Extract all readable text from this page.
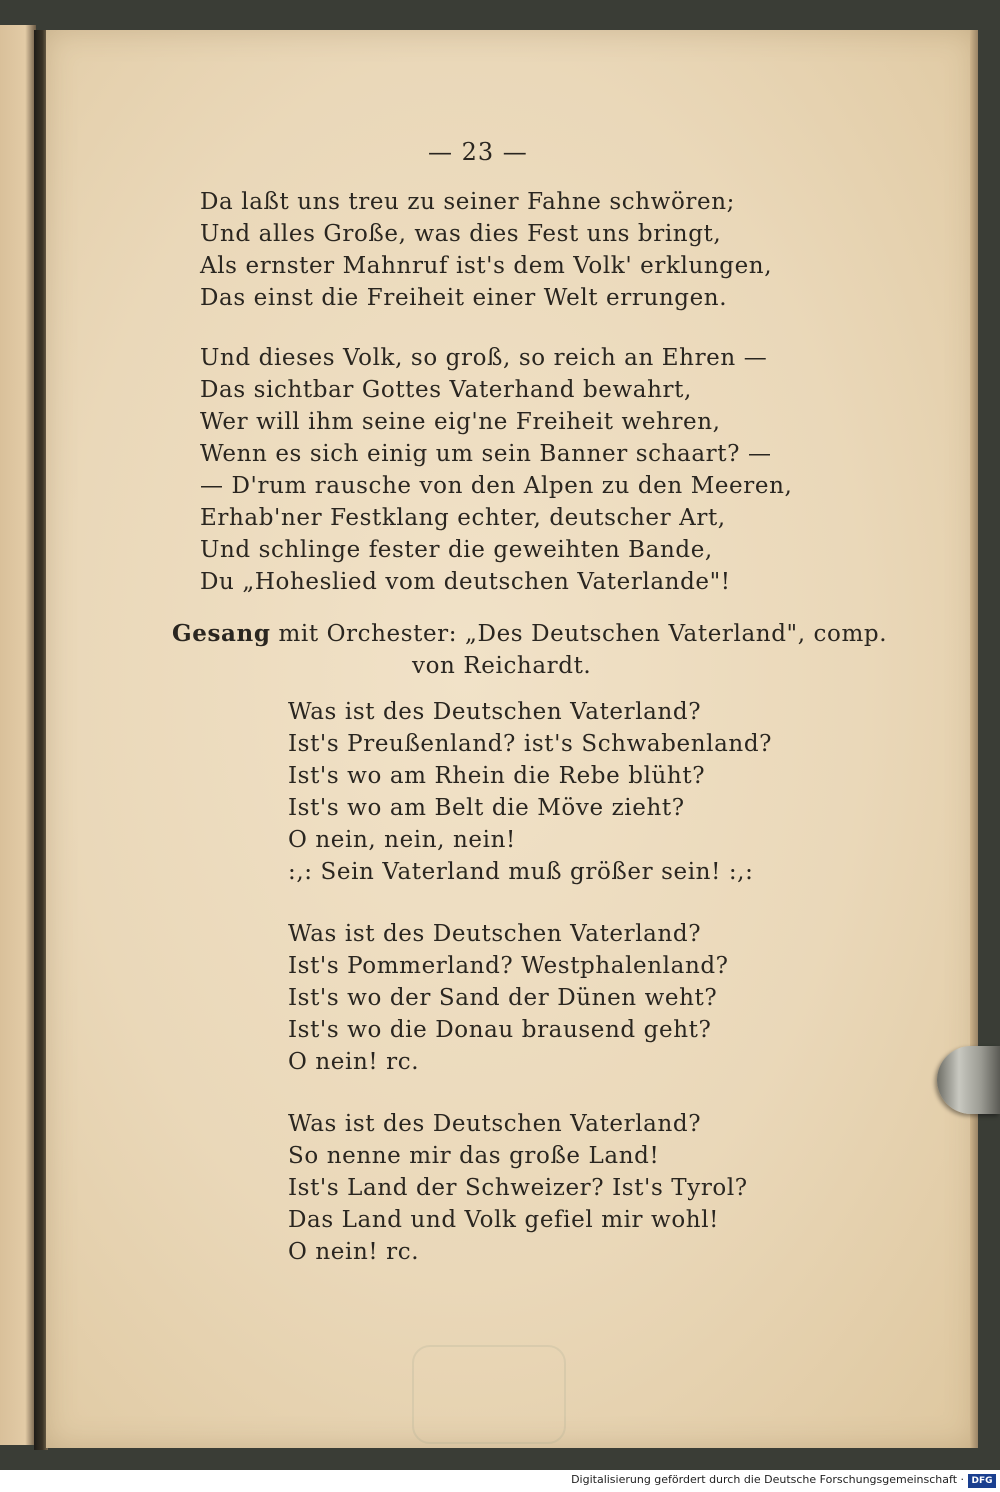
— 23 —
Da laßt uns treu zu seiner Fahne schwören;
Und alles Große, was dies Fest uns bringt,
Als ernster Mahnruf ist's dem Volk' erklungen,
Das einst die Freiheit einer Welt errungen.
Und dieses Volk, so groß, so reich an Ehren —
Das sichtbar Gottes Vaterhand bewahrt,
Wer will ihm seine eig'ne Freiheit wehren,
Wenn es sich einig um sein Banner schaart? —
— D'rum rausche von den Alpen zu den Meeren,
Erhab'ner Festklang echter, deutscher Art,
Und schlinge fester die geweihten Bande,
Du „Hoheslied vom deutschen Vaterlande"!
Gesang mit Orchester: „Des Deutschen Vaterland", comp.
von Reichardt.
Was ist des Deutschen Vaterland?
Ist's Preußenland? ist's Schwabenland?
Ist's wo am Rhein die Rebe blüht?
Ist's wo am Belt die Möve zieht?
O nein, nein, nein!
:,: Sein Vaterland muß größer sein! :,:
Was ist des Deutschen Vaterland?
Ist's Pommerland? Westphalenland?
Ist's wo der Sand der Dünen weht?
Ist's wo die Donau brausend geht?
O nein! rc.
Was ist des Deutschen Vaterland?
So nenne mir das große Land!
Ist's Land der Schweizer? Ist's Tyrol?
Das Land und Volk gefiel mir wohl!
O nein! rc.
Digitalisierung gefördert durch die Deutsche Forschungsgemeinschaft · DFG
